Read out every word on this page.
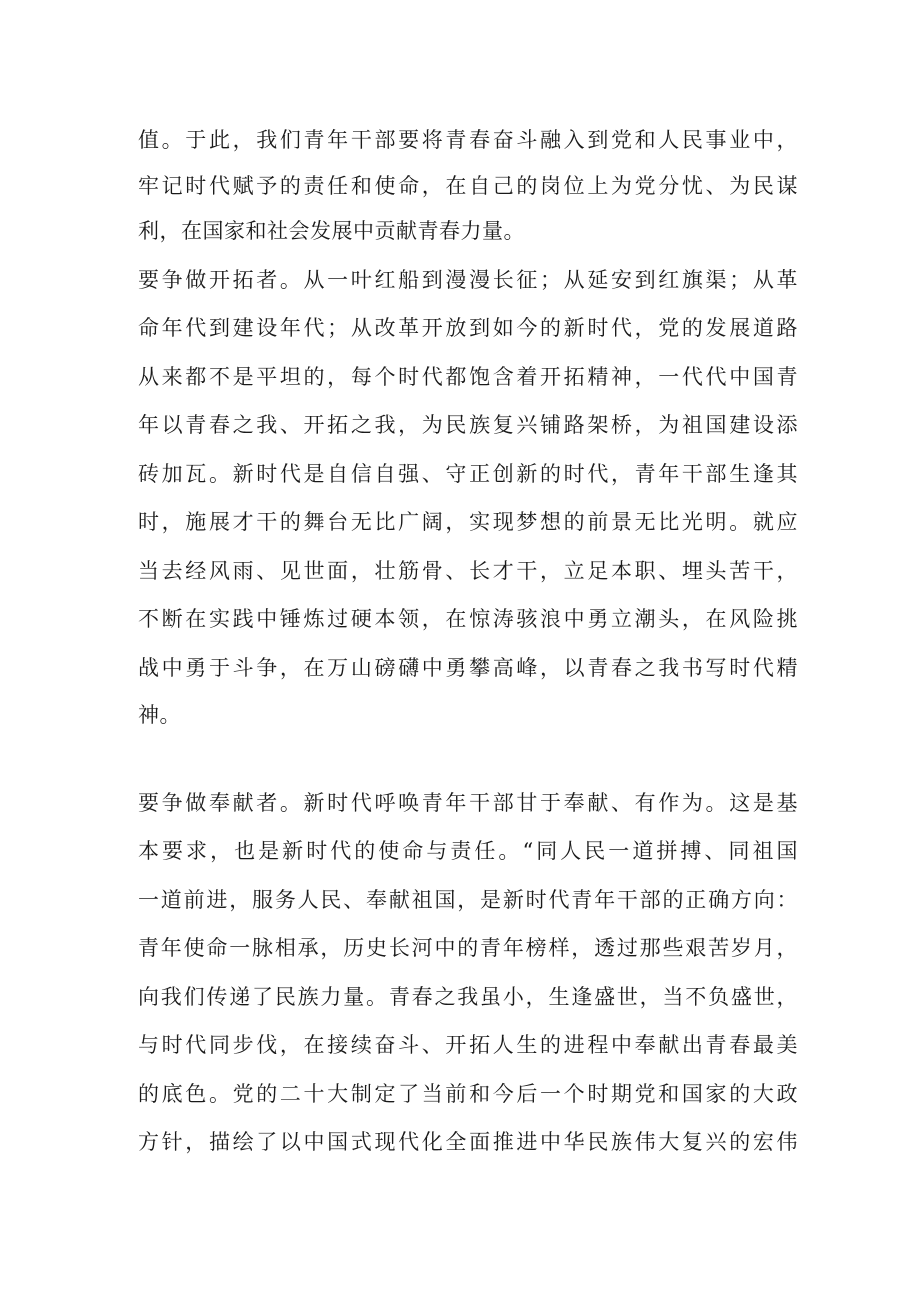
值。于此，我们青年干部要将青春奋斗融入到党和人民事业中，
牢记时代赋予的责任和使命，在自己的岗位上为党分忧、为民谋
利，在国家和社会发展中贡献青春力量。
要争做开拓者。从一叶红船到漫漫长征；从延安到红旗渠；从革
命年代到建设年代；从改革开放到如今的新时代，党的发展道路
从来都不是平坦的，每个时代都饱含着开拓精神，一代代中国青
年以青春之我、开拓之我，为民族复兴铺路架桥，为祖国建设添
砖加瓦。新时代是自信自强、守正创新的时代，青年干部生逢其
时，施展才干的舞台无比广阔，实现梦想的前景无比光明。就应
当去经风雨、见世面，壮筋骨、长才干，立足本职、埋头苦干，
不断在实践中锤炼过硬本领，在惊涛骇浪中勇立潮头，在风险挑
战中勇于斗争，在万山磅礴中勇攀高峰，以青春之我书写时代精
神。
要争做奉献者。新时代呼唤青年干部甘于奉献、有作为。这是基
本要求，也是新时代的使命与责任。“同人民一道拼搏、同祖国
一道前进，服务人民、奉献祖国，是新时代青年干部的正确方向：
青年使命一脉相承，历史长河中的青年榜样，透过那些艰苦岁月，
向我们传递了民族力量。青春之我虽小，生逢盛世，当不负盛世，
与时代同步伐，在接续奋斗、开拓人生的进程中奉献出青春最美
的底色。党的二十大制定了当前和今后一个时期党和国家的大政
方针，描绘了以中国式现代化全面推进中华民族伟大复兴的宏伟
